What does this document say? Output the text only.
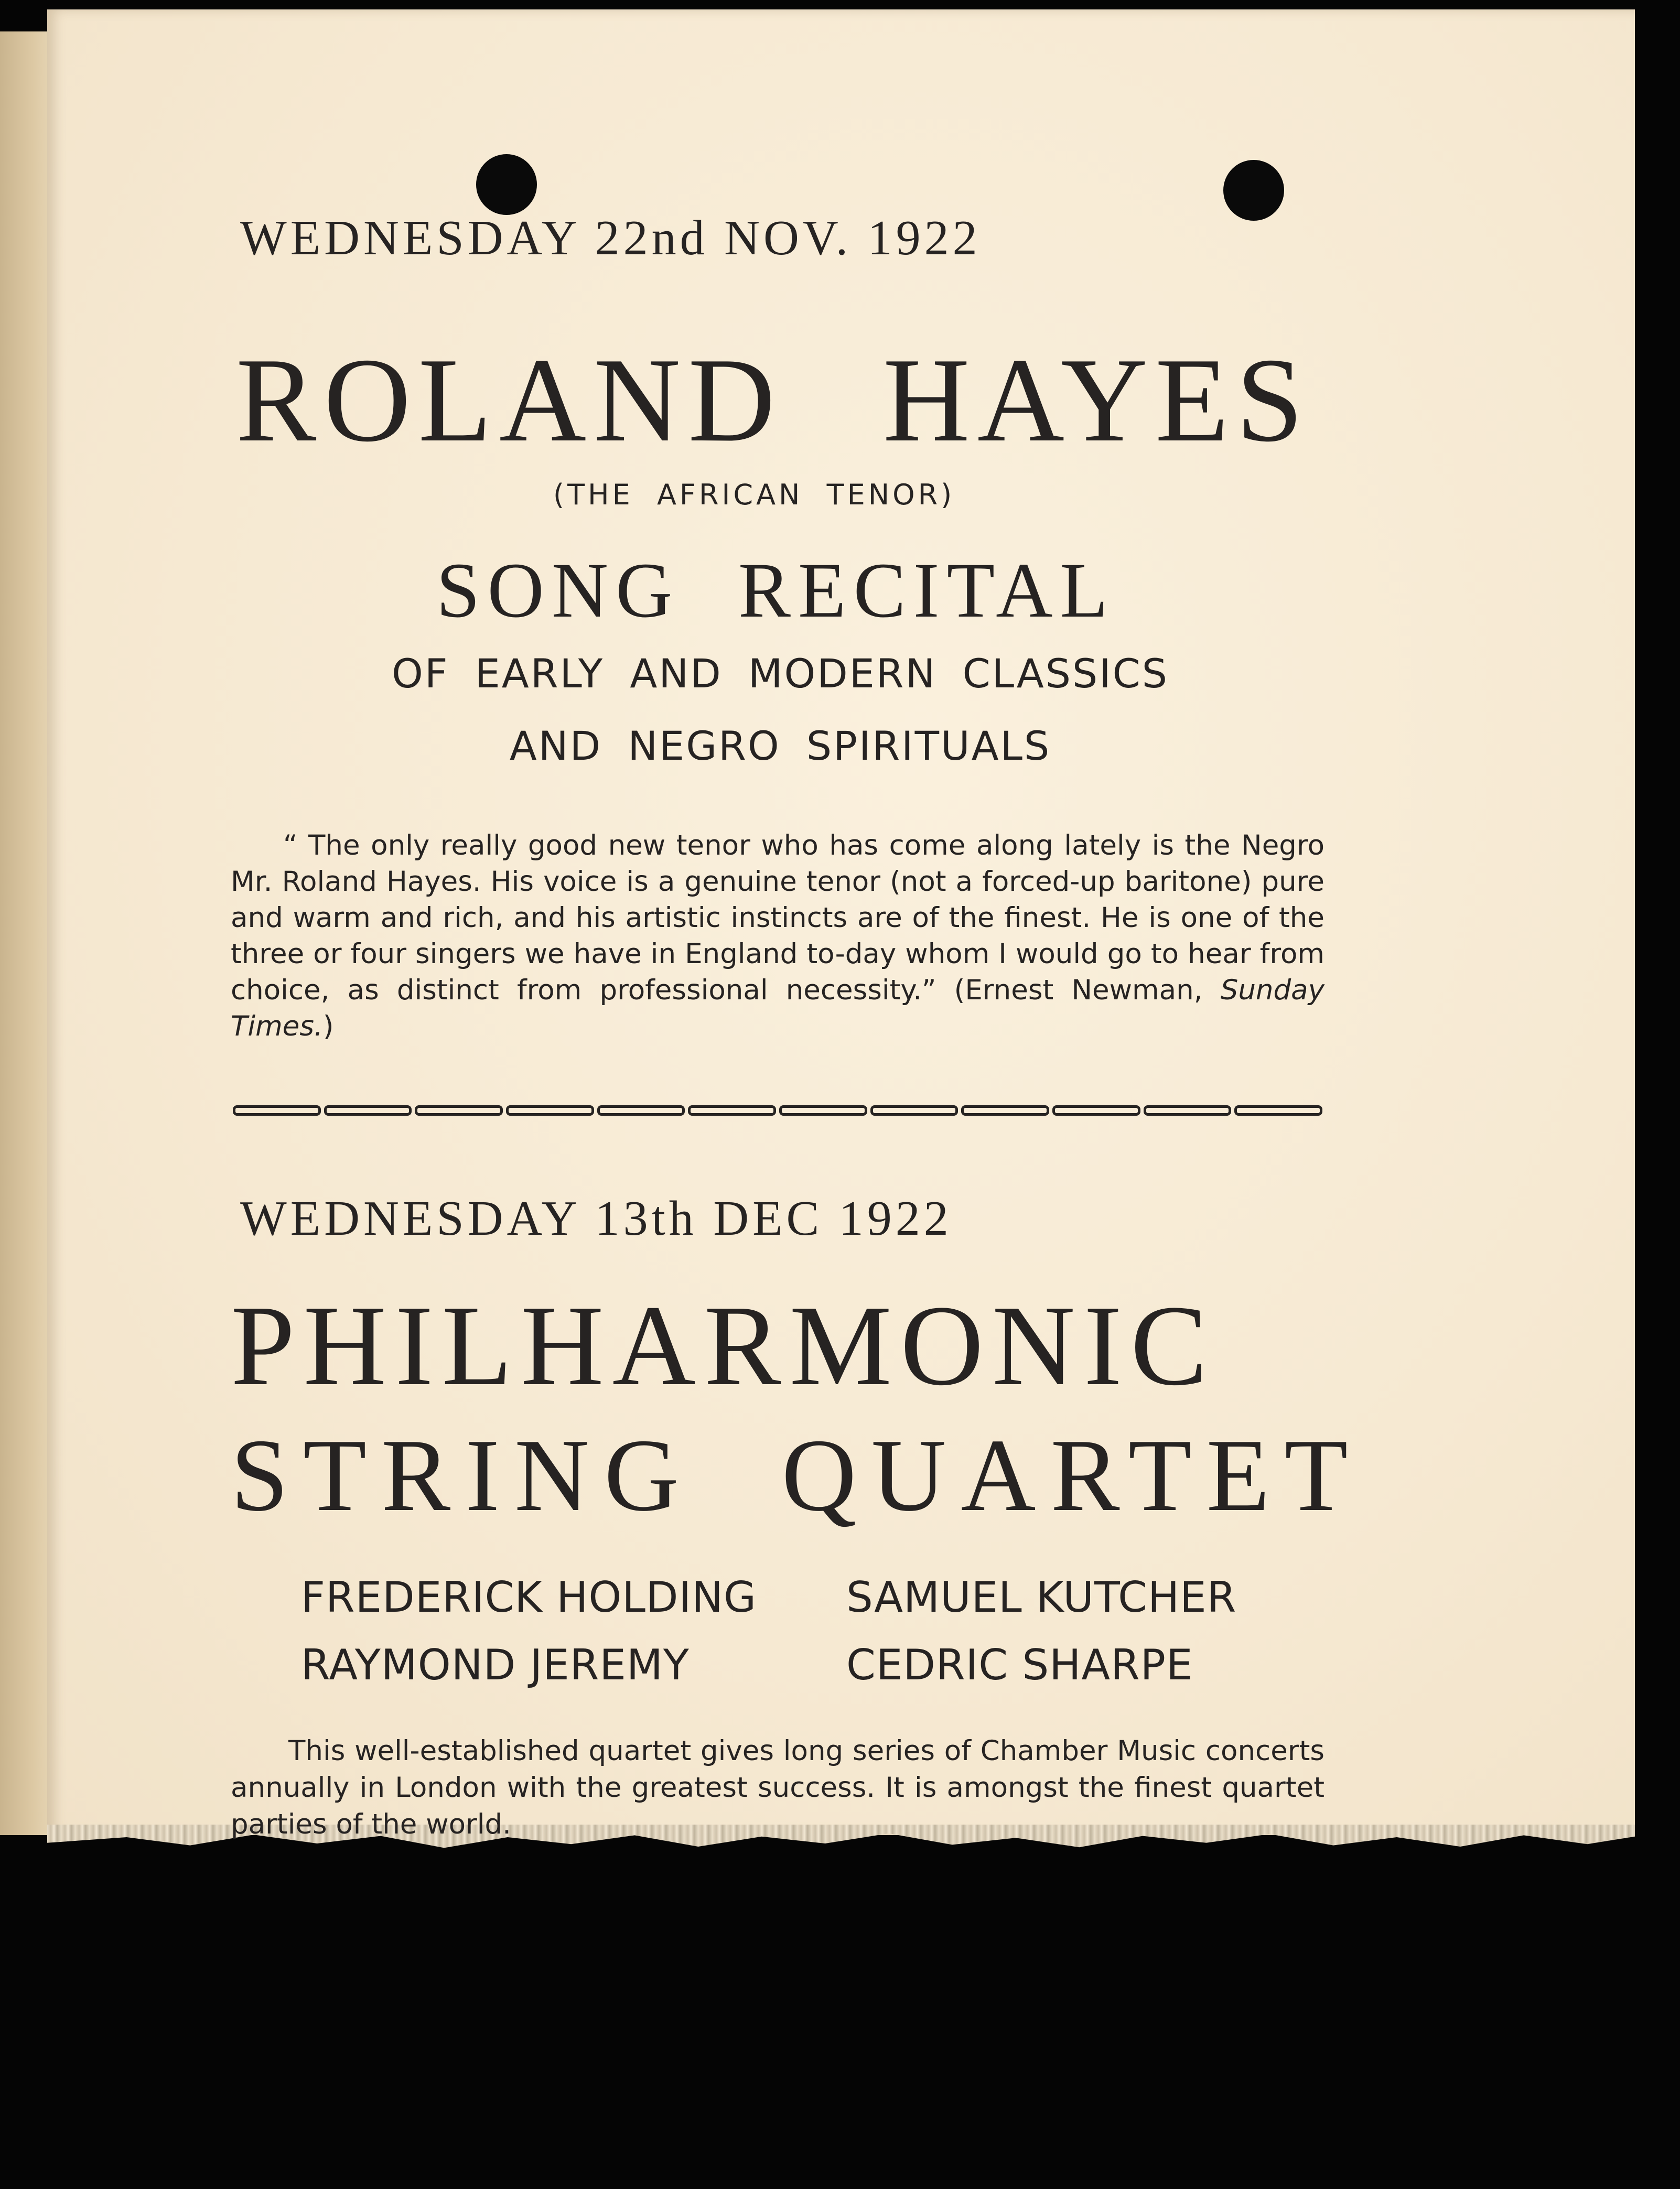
WEDNESDAY 22nd NOV. 1922

ROLAND HAYES

(THE AFRICAN TENOR)

SONG RECITAL

OF EARLY AND MODERN CLASSICS

AND NEGRO SPIRITUALS

“ The only really good new tenor who has come along lately is the Negro Mr. Roland Hayes. His voice is a genuine tenor (not a forced-up baritone) pure and warm and rich, and his artistic instincts are of the finest. He is one of the three or four singers we have in England to-day whom I would go to hear from choice, as distinct from professional necessity.” (Ernest Newman, Sunday Times.)

WEDNESDAY 13th DEC 1922

PHILHARMONIC
STRING QUARTET

FREDERICK HOLDING	SAMUEL KUTCHER

RAYMOND JEREMY	CEDRIC SHARPE

This well-established quartet gives long series of Chamber Music concerts annually in London with the greatest success. It is amongst the finest quartet parties of the world.
